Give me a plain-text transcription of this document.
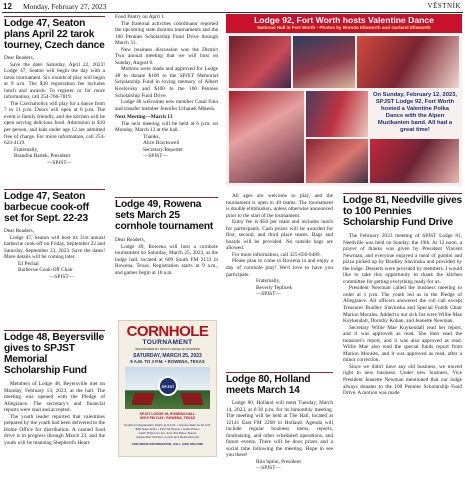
12 Monday, February 27, 2023	VĚSTNÍK
Lodge 47, Seaton plans April 22 tarok tourney, Czech dance

Dear Readers,

Save the date: Saturday, April 22, 2023! Lodge 47, Seaton will begin the day with a tarok tournament. Six rounds of play will begin at 9 a.m. The $30 registration fee includes lunch and awards. To register or for more information, call 254-760-7819.

The Czechaholics will play for a dance from 7 to 11 p.m. Doors will open at 6 p.m. The event is family friendly, and the kitchen will be open serving delicious food. Admission is $10 per person, and kids under age 12 are admitted free of charge. For more information, call 254-624-4119.

Fraternally,
Brandon Bartek, President
—SPJST—
Lodge 47, Seaton barbecue cook-off set for Sept. 22-23

Dear Readers,

Lodge 47, Seaton will host its 31st annual barbecue cook-off on Friday, September 22 and Saturday, September 23, 2023. Save the dates! More details will be coming later.

EJ Pechal
Barbecue Cook-Off Chair
—SPJST—
Lodge 48, Beyersville gives to SPJST Memorial Scholarship Fund

Members of Lodge 48, Beyersville met on Monday, February 13, 2023, at the hall. The meeting was opened with the Pledge of Allegiance. The secretary's and financial reports were read and accepted.

The youth leader reported that valentines prepared by the youth had been delivered to the Home Office for distribution. A canned food drive is in progress through March 23, and the youth will be manning Shepherd's Heart

Food Pantry on April 1.

The fraternal activities coordinator reported the upcoming state domino tournaments and the 100 Pennies Scholarship Fund Drive through March 31.

New business discussion was the District Two annual meeting that we will host on Sunday, August 6.

Motions were made and approved for Lodge 48 to donate $100 to the SPJST Memorial Scholarship Fund in loving memory of Albert Koslovsky and $100 to the 100 Pennies Scholarship Fund Drive.

Lodge 48 welcomes new member Casal Finn and transfer member Jennifer Urbanek Mikesh.

Next Meeting—March 13

The next meeting will be held at 6 p.m. on Monday, March 13 at the hall.

Thanks,
Alice Braceswell
Secretary/Reporter
—SPJST—
Lodge 49, Rowena sets March 25 cornhole tournament

Dear Readers,

Lodge 49, Rowena will host a cornhole tournament on Saturday, March 25, 2023, at the lodge hall, located at 609 South FM 2133 in Rowena, Texas. Registration starts at 9 a.m., and games begin at 10 a.m.

CORNHOLE
TOURNAMENT
SPONSORED BY SPJST LODGE 49, ROWENA
SATURDAY, MARCH 25, 2023
9 A.M. TO 3 P.M. • ROWENA, TEXAS
SPJST
SPJST LODGE 49, ROWENA HALL
609 S FM 2133 • ROWENA, TEXAS
Southern Registration Starts at 9 A.M. • Games Start at 10 A.M.
$40 Team Entry • First 32 Teams • Cash Prizes
Cash Prizes for 1st, 2nd, 3rd Place Teams
Advise Bar, Kitchen, Lunch and Refreshments
FOR MORE INFORMATION, CALL (325) 656-0489
Lodge 92, Fort Worth hosts Valentine Dance
National Hall in Fort Worth • Photos by Brenda Ellsworth and Garland Ellsworth
On Sunday, February 12, 2023, SPJST Lodge 92, Fort Worth hosted a Valentine Polka Dance with the Alpen Muzikanten band. All had a great time!

All ages are welcome to play, and the tournament is open to 40 teams. The tournament is double elimination, unless otherwise announced prior to the start of the tournament.

Entry fee is $50 per team and includes lunch for participants. Cash prizes will be awarded for first, second, and third place teams. Bags and boards will be provided. No outside bags are allowed.

For more information, call 325-656-0489.

Please plan to come to Rowena in and enjoy a day of cornhole play! We'd love to have you participate.

Fraternally,
Beverly Teplicek
—SPJST—
Lodge 80, Holland meets March 14

Lodge 80, Holland will meet Tuesday, March 14, 2023, at 6:30 p.m. for its bimonthly meeting. The meeting will be held at The Hall, located at 12141 East FM 2268 in Holland. Agenda will include regular business items, reports, fundraising, and other scheduled operations, and future events. There will be door prizes and a social time following the meeting. Hope to see you there!

Rita Spinn, President
—SPJST—
Lodge 81, Needville gives to 100 Pennies Scholarship Fund Drive

The February 2023 meeting of SPJST Lodge 81, Needville was held on Sunday, the 19th. At 12 noon, a prayer of thanks was given by President Vincent Newman, and everyone enjoyed a meal of gumbo and pizza picked up by Bradley Slavinska and provided by the lodge. Desserts were provided by members. I would like to take this opportunity to thank the kitchen committee for getting everything ready for us.

President Newman called the business meeting to order at 1 p.m. The youth led us in the Pledge of Allegiance. All officers answered the roll call except Treasurer Bradley Slavinska and Special Funds Chair Marion Morales. Added to our sick list were Willie Mae Kuykendall, Dorothy Kohan, and Jeanette Newman.

Secretary Willie Mae Kuykendall read her report, and it was approved as read. She then read the treasurer's report, and it was also approved as read. Willie Mae also read the special funds report from Marion Morales, and it was approved as read, after a minor correction.

Since we didn't have any old business, we moved right to new business. Under new business, Vice President Jeanette Newman mentioned that our lodge always donates to the 100 Pennies Scholarship Fund Drive. A motion was made
